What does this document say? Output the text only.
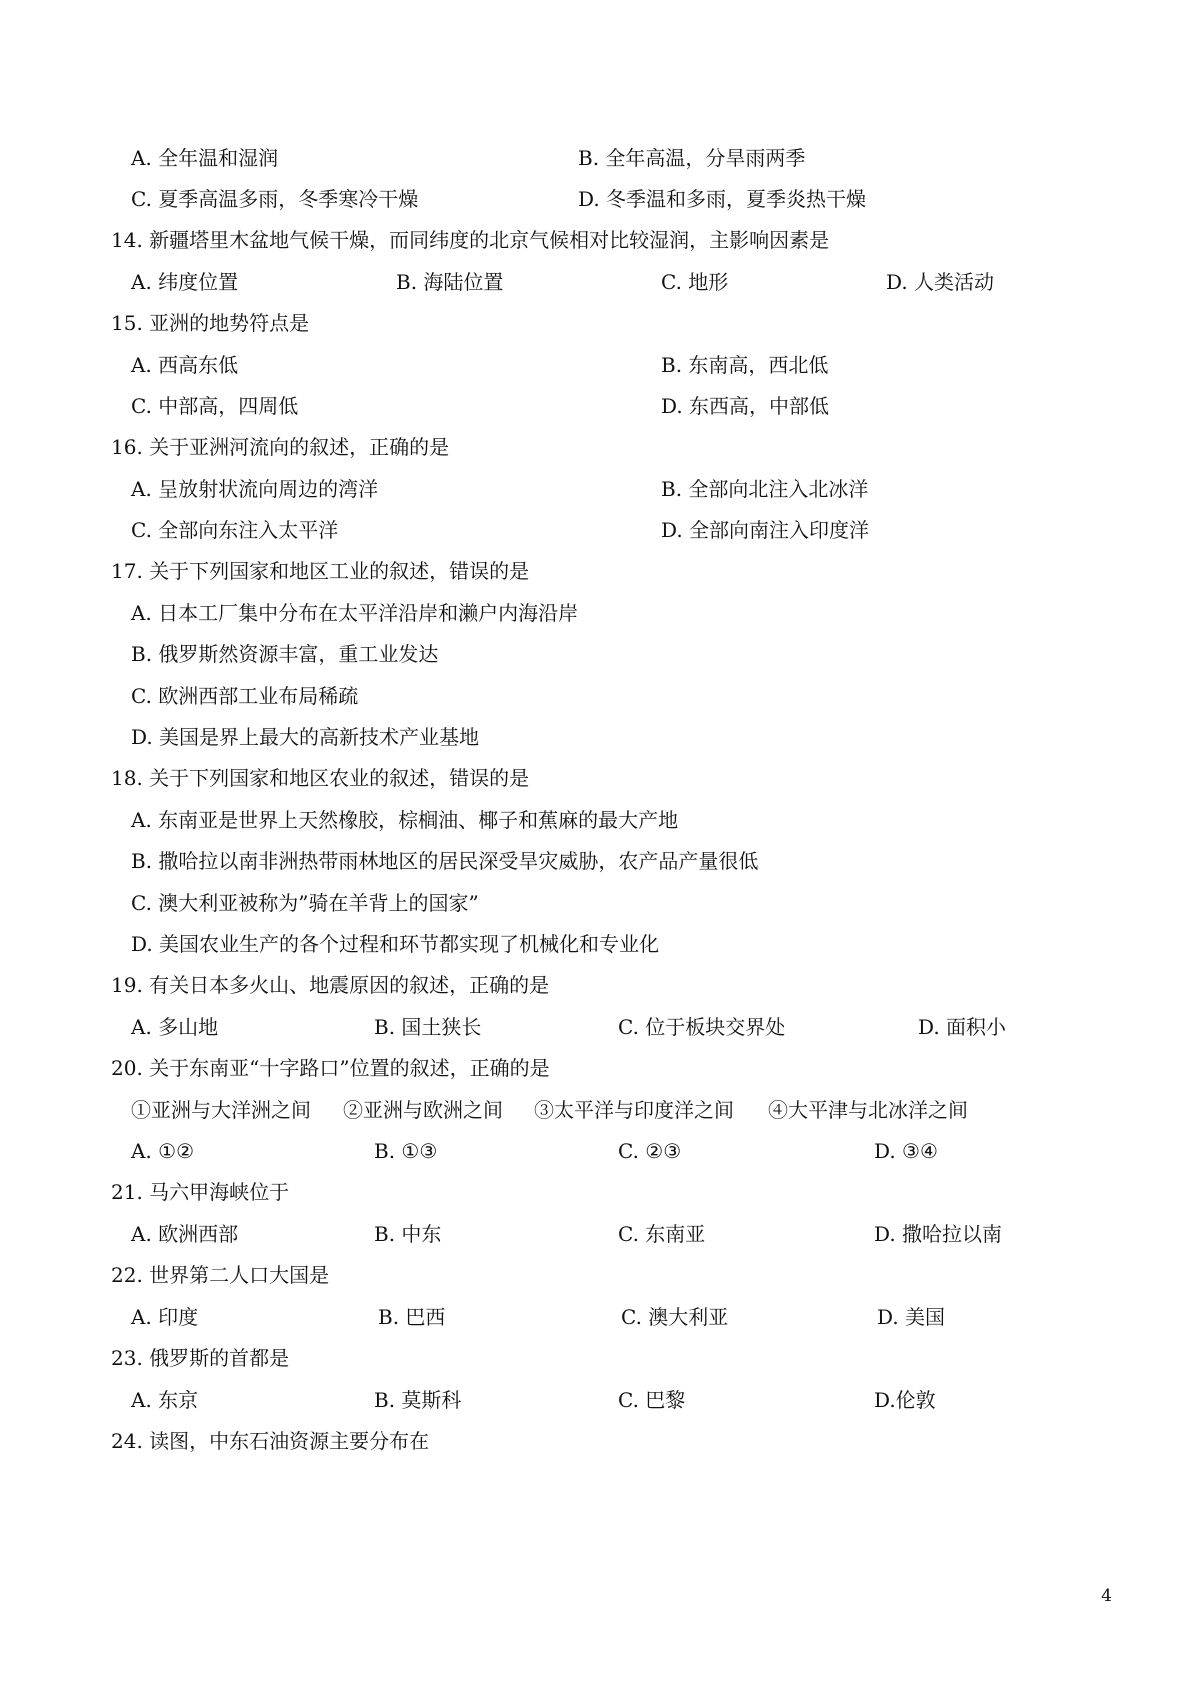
A. 全年温和湿润	B. 全年高温，分旱雨两季
C. 夏季高温多雨，冬季寒冷干燥	D. 冬季温和多雨，夏季炎热干燥
14. 新疆塔里木盆地气候干燥，而同纬度的北京气候相对比较湿润，主影响因素是
A. 纬度位置	B. 海陆位置	C. 地形	D. 人类活动
15. 亚洲的地势符点是
A. 西高东低	B. 东南高，西北低
C. 中部高，四周低	D. 东西高，中部低
16. 关于亚洲河流向的叙述，正确的是
A. 呈放射状流向周边的湾洋	B. 全部向北注入北冰洋
C. 全部向东注入太平洋	D. 全部向南注入印度洋
17. 关于下列国家和地区工业的叙述，错误的是
A. 日本工厂集中分布在太平洋沿岸和濑户内海沿岸
B. 俄罗斯然资源丰富，重工业发达
C. 欧洲西部工业布局稀疏
D. 美国是界上最大的高新技术产业基地
18. 关于下列国家和地区农业的叙述，错误的是
A. 东南亚是世界上天然橡胶，棕榈油、椰子和蕉麻的最大产地
B. 撒哈拉以南非洲热带雨林地区的居民深受旱灾威胁，农产品产量很低
C. 澳大利亚被称为”骑在羊背上的国家”
D. 美国农业生产的各个过程和环节都实现了机械化和专业化
19. 有关日本多火山、地震原因的叙述，正确的是
A. 多山地	B. 国土狭长	C. 位于板块交界处	D. 面积小
20. 关于东南亚“十字路口”位置的叙述，正确的是
①亚洲与大洋洲之间 ②亚洲与欧洲之间 ③太平洋与印度洋之间 ④大平津与北冰洋之间
A. ①②	B. ①③	C. ②③	D. ③④
21. 马六甲海峡位于
A. 欧洲西部	B. 中东	C. 东南亚	D. 撒哈拉以南
22. 世界第二人口大国是
A. 印度	B. 巴西	C. 澳大利亚	D. 美国
23. 俄罗斯的首都是
A. 东京	B. 莫斯科	C. 巴黎	D.伦敦
24. 读图，中东石油资源主要分布在
4
